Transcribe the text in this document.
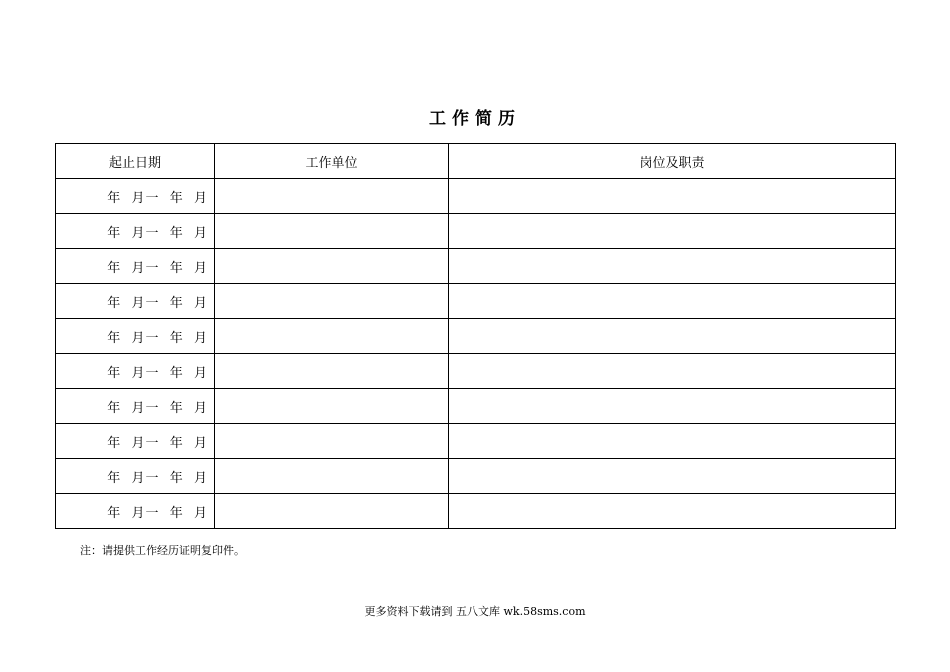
工作简历
起止日期	工作单位	岗位及职责
年  月一  年  月		
年  月一  年  月		
年  月一  年  月		
年  月一  年  月		
年  月一  年  月		
年  月一  年  月		
年  月一  年  月		
年  月一  年  月		
年  月一  年  月		
年  月一  年  月		
注：请提供工作经历证明复印件。
更多资料下载请到 五八文库 wk.58sms.com
